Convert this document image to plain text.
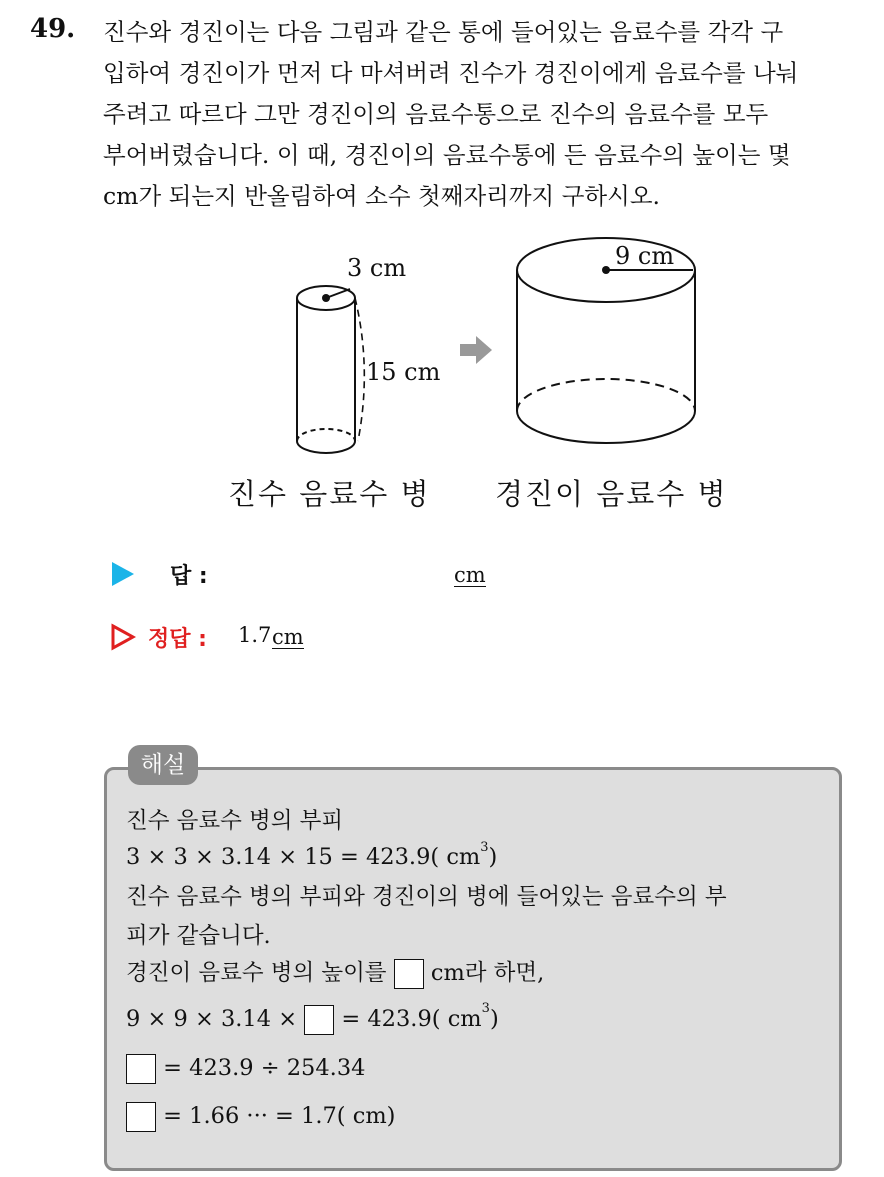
49. 진수와 경진이는 다음 그림과 같은 통에 들어있는 음료수를 각각 구
입하여 경진이가 먼저 다 마셔버려 진수가 경진이에게 음료수를 나눠
주려고 따르다 그만 경진이의 음료수통으로 진수의 음료수를 모두
부어버렸습니다. 이 때, 경진이의 음료수통에 든 음료수의 높이는 몇
cm가 되는지 반올림하여 소수 첫째자리까지 구하시오.
3 cm
15 cm
9 cm
진수 음료수 병 경진이 음료수 병
답 :	cm
정답 : 1.7 cm
해설
진수 음료수 병의 부피
3 × 3 × 3.14 × 15 = 423.9( $cm^3$)
진수 음료수 병의 부피와 경진이의 병에 들어있는 음료수의 부
피가 같습니다.
경진이 음료수 병의 높이를 cm라 하면,
9 × 9 × 3.14 × = 423.9( $cm^3$)
= 423.9 ÷ 254.34
= 1.66 ··· = 1.7( cm)
